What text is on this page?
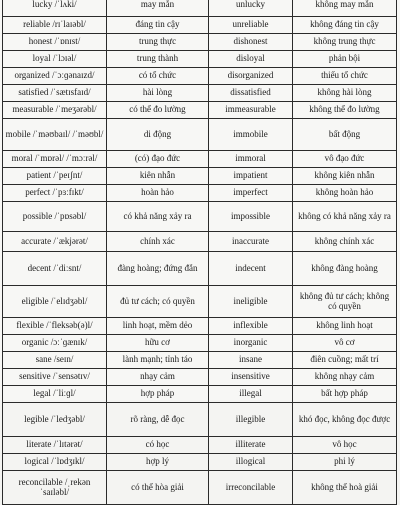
lucky /ˈlʌki/	may mắn	unlucky	không may mắn
reliable /rɪˈlaɪəbl/	đáng tin cậy	unreliable	không đáng tin cậy
honest /ˈɒnɪst/	trung thực	dishonest	không trung thực
loyal /ˈlɔɪəl/	trung thành	disloyal	phản bội
organized /ˈɔːɡənaɪzd/	có tổ chức	disorganized	thiếu tổ chức
satisfied /ˈsætɪsfaɪd/	hài lòng	dissatisfied	không hài lòng
measurable /ˈmeʒərəbl/	có thể đo lường	immeasurable	không thể đo lường
mobile /ˈməʊbaɪl/ /ˈməʊbl/	di động	immobile	bất động
moral /ˈmɒrəl/ /ˈmɔːrəl/	(có) đạo đức	immoral	vô đạo đức
patient /ˈpeɪʃnt/	kiên nhẫn	impatient	không kiên nhẫn
perfect /ˈpɜːfɪkt/	hoàn hảo	imperfect	không hoàn hảo
possible /ˈpɒsəbl/	có khả năng xảy ra	impossible	không có khả năng xảy ra
accurate /ˈækjərət/	chính xác	inaccurate	không chính xác
decent /ˈdiːsnt/	đàng hoàng; đứng đắn	indecent	không đàng hoàng
eligible /ˈelɪdʒəbl/	đủ tư cách; có quyền	ineligible	không đủ tư cách; không có quyền
flexible /ˈfleksəb(ə)l/	linh hoạt, mềm dẻo	inflexible	không linh hoạt
organic /ɔːˈɡænɪk/	hữu cơ	inorganic	vô cơ
sane /seɪn/	lành mạnh; tỉnh táo	insane	điên cuồng; mất trí
sensitive /ˈsensətɪv/	nhạy cảm	insensitive	không nhạy cảm
legal /ˈliːɡl/	hợp pháp	illegal	bất hợp pháp
legible /ˈledʒəbl/	rõ ràng, dễ đọc	illegible	khó đọc, không đọc được
literate /ˈlɪtərət/	có học	illiterate	vô học
logical /ˈlɒdʒɪkl/	hợp lý	illogical	phi lý
reconcilable /ˌrekənˈsaɪləbl/	có thể hòa giải	irreconcilable	không thể hoà giải
